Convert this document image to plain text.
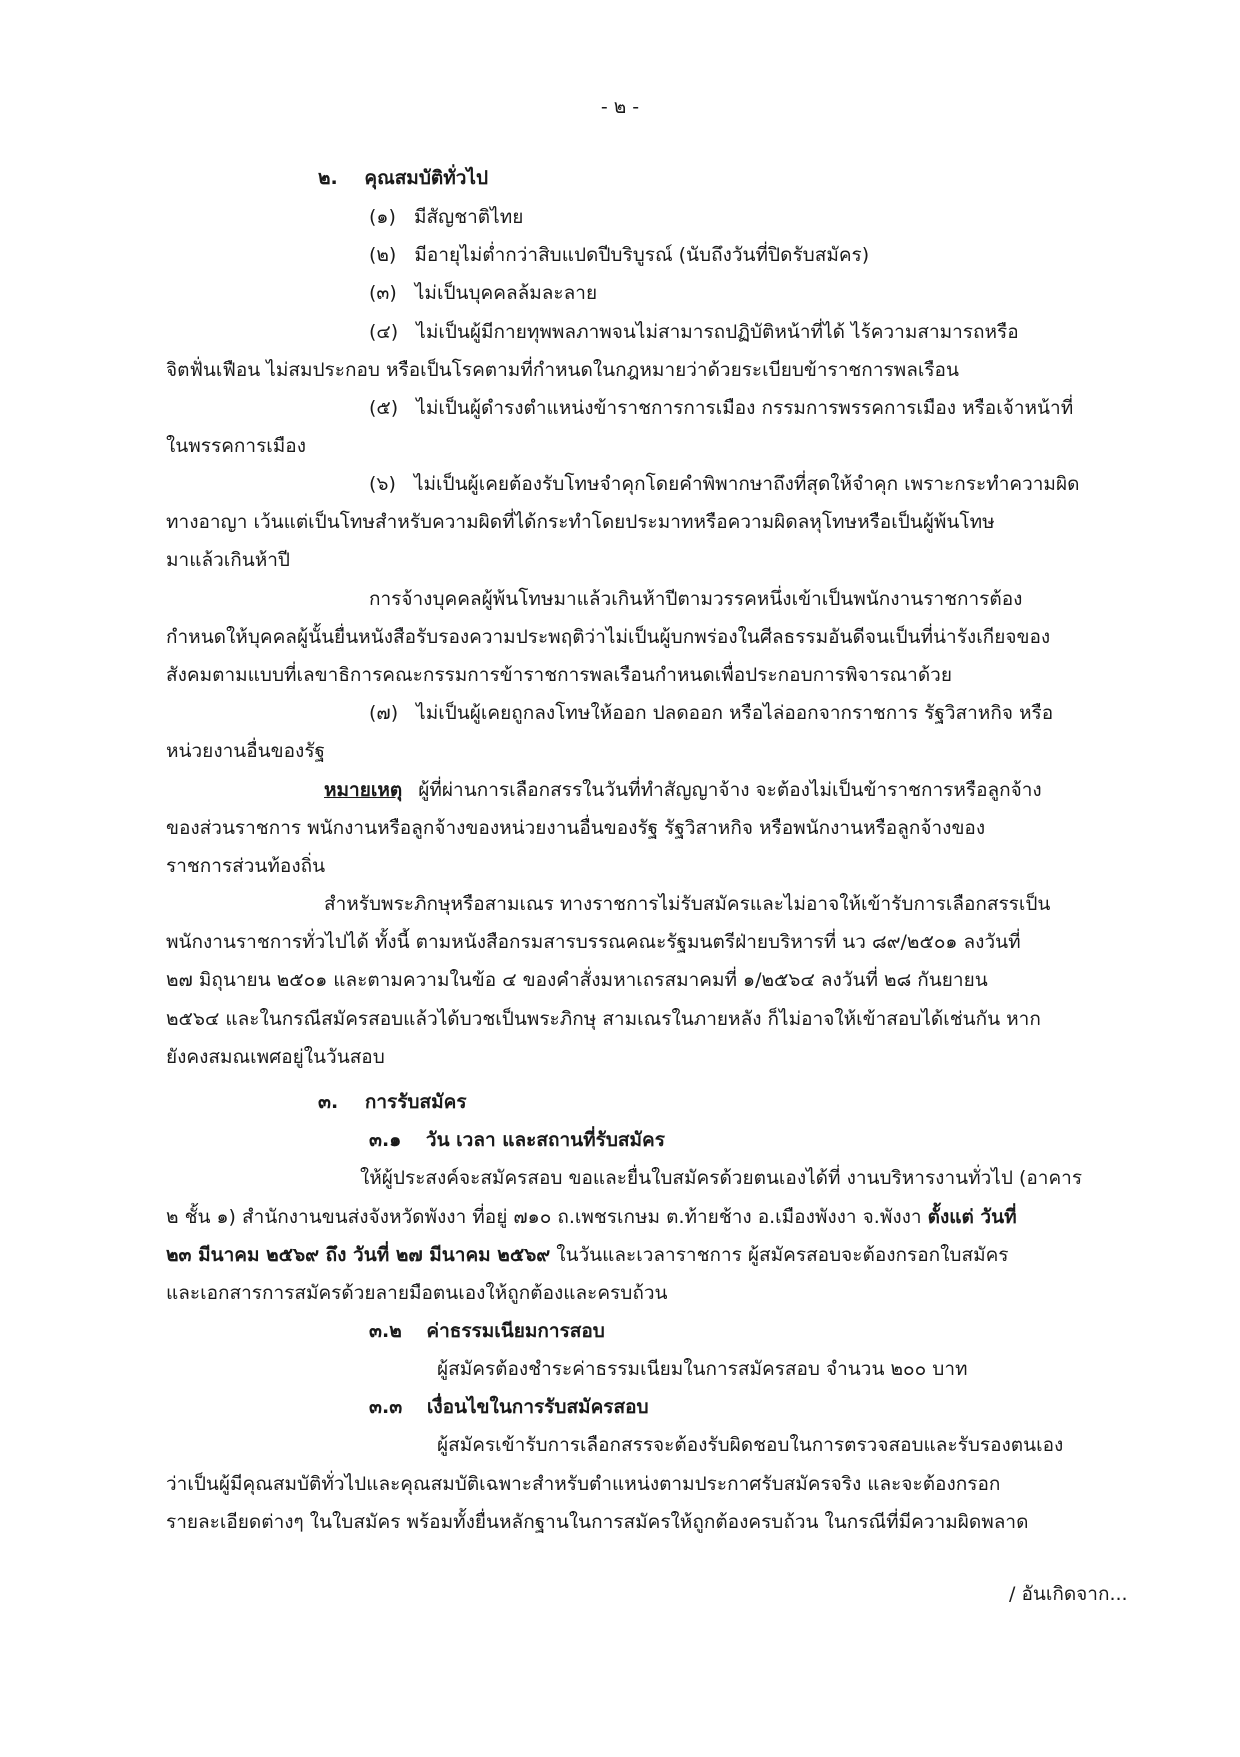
- ๒ -
๒. คุณสมบัติทั่วไป
(๑) มีสัญชาติไทย
(๒) มีอายุไม่ต่ำกว่าสิบแปดปีบริบูรณ์ (นับถึงวันที่ปิดรับสมัคร)
(๓) ไม่เป็นบุคคลล้มละลาย
(๔) ไม่เป็นผู้มีกายทุพพลภาพจนไม่สามารถปฏิบัติหน้าที่ได้ ไร้ความสามารถหรือ
จิตฟั่นเฟือน ไม่สมประกอบ หรือเป็นโรคตามที่กำหนดในกฎหมายว่าด้วยระเบียบข้าราชการพลเรือน
(๕) ไม่เป็นผู้ดำรงตำแหน่งข้าราชการการเมือง กรรมการพรรคการเมือง หรือเจ้าหน้าที่
ในพรรคการเมือง
(๖) ไม่เป็นผู้เคยต้องรับโทษจำคุกโดยคำพิพากษาถึงที่สุดให้จำคุก เพราะกระทำความผิด
ทางอาญา เว้นแต่เป็นโทษสำหรับความผิดที่ได้กระทำโดยประมาทหรือความผิดลหุโทษหรือเป็นผู้พ้นโทษ
มาแล้วเกินห้าปี
การจ้างบุคคลผู้พ้นโทษมาแล้วเกินห้าปีตามวรรคหนึ่งเข้าเป็นพนักงานราชการต้อง
กำหนดให้บุคคลผู้นั้นยื่นหนังสือรับรองความประพฤติว่าไม่เป็นผู้บกพร่องในศีลธรรมอันดีจนเป็นที่น่ารังเกียจของ
สังคมตามแบบที่เลขาธิการคณะกรรมการข้าราชการพลเรือนกำหนดเพื่อประกอบการพิจารณาด้วย
(๗) ไม่เป็นผู้เคยถูกลงโทษให้ออก ปลดออก หรือไล่ออกจากราชการ รัฐวิสาหกิจ หรือ
หน่วยงานอื่นของรัฐ
หมายเหตุ ผู้ที่ผ่านการเลือกสรรในวันที่ทำสัญญาจ้าง จะต้องไม่เป็นข้าราชการหรือลูกจ้าง
ของส่วนราชการ พนักงานหรือลูกจ้างของหน่วยงานอื่นของรัฐ รัฐวิสาหกิจ หรือพนักงานหรือลูกจ้างของ
ราชการส่วนท้องถิ่น
สำหรับพระภิกษุหรือสามเณร ทางราชการไม่รับสมัครและไม่อาจให้เข้ารับการเลือกสรรเป็น
พนักงานราชการทั่วไปได้ ทั้งนี้ ตามหนังสือกรมสารบรรณคณะรัฐมนตรีฝ่ายบริหารที่ นว ๘๙/๒๕๐๑ ลงวันที่
๒๗ มิถุนายน ๒๕๐๑ และตามความในข้อ ๔ ของคำสั่งมหาเถรสมาคมที่ ๑/๒๕๖๔ ลงวันที่ ๒๘ กันยายน
๒๕๖๔ และในกรณีสมัครสอบแล้วได้บวชเป็นพระภิกษุ สามเณรในภายหลัง ก็ไม่อาจให้เข้าสอบได้เช่นกัน หาก
ยังคงสมณเพศอยู่ในวันสอบ
๓. การรับสมัคร
๓.๑ วัน เวลา และสถานที่รับสมัคร
ให้ผู้ประสงค์จะสมัครสอบ ขอและยื่นใบสมัครด้วยตนเองได้ที่ งานบริหารงานทั่วไป (อาคาร
๒ ชั้น ๑) สำนักงานขนส่งจังหวัดพังงา ที่อยู่ ๗๑๐ ถ.เพชรเกษม ต.ท้ายช้าง อ.เมืองพังงา จ.พังงา ตั้งแต่ วันที่
๒๓ มีนาคม ๒๕๖๙ ถึง วันที่ ๒๗ มีนาคม ๒๕๖๙ ในวันและเวลาราชการ ผู้สมัครสอบจะต้องกรอกใบสมัคร
และเอกสารการสมัครด้วยลายมือตนเองให้ถูกต้องและครบถ้วน
๓.๒ ค่าธรรมเนียมการสอบ
ผู้สมัครต้องชำระค่าธรรมเนียมในการสมัครสอบ จำนวน ๒๐๐ บาท
๓.๓ เงื่อนไขในการรับสมัครสอบ
ผู้สมัครเข้ารับการเลือกสรรจะต้องรับผิดชอบในการตรวจสอบและรับรองตนเอง
ว่าเป็นผู้มีคุณสมบัติทั่วไปและคุณสมบัติเฉพาะสำหรับตำแหน่งตามประกาศรับสมัครจริง และจะต้องกรอก
รายละเอียดต่างๆ ในใบสมัคร พร้อมทั้งยื่นหลักฐานในการสมัครให้ถูกต้องครบถ้วน ในกรณีที่มีความผิดพลาด
/ อันเกิดจาก...
